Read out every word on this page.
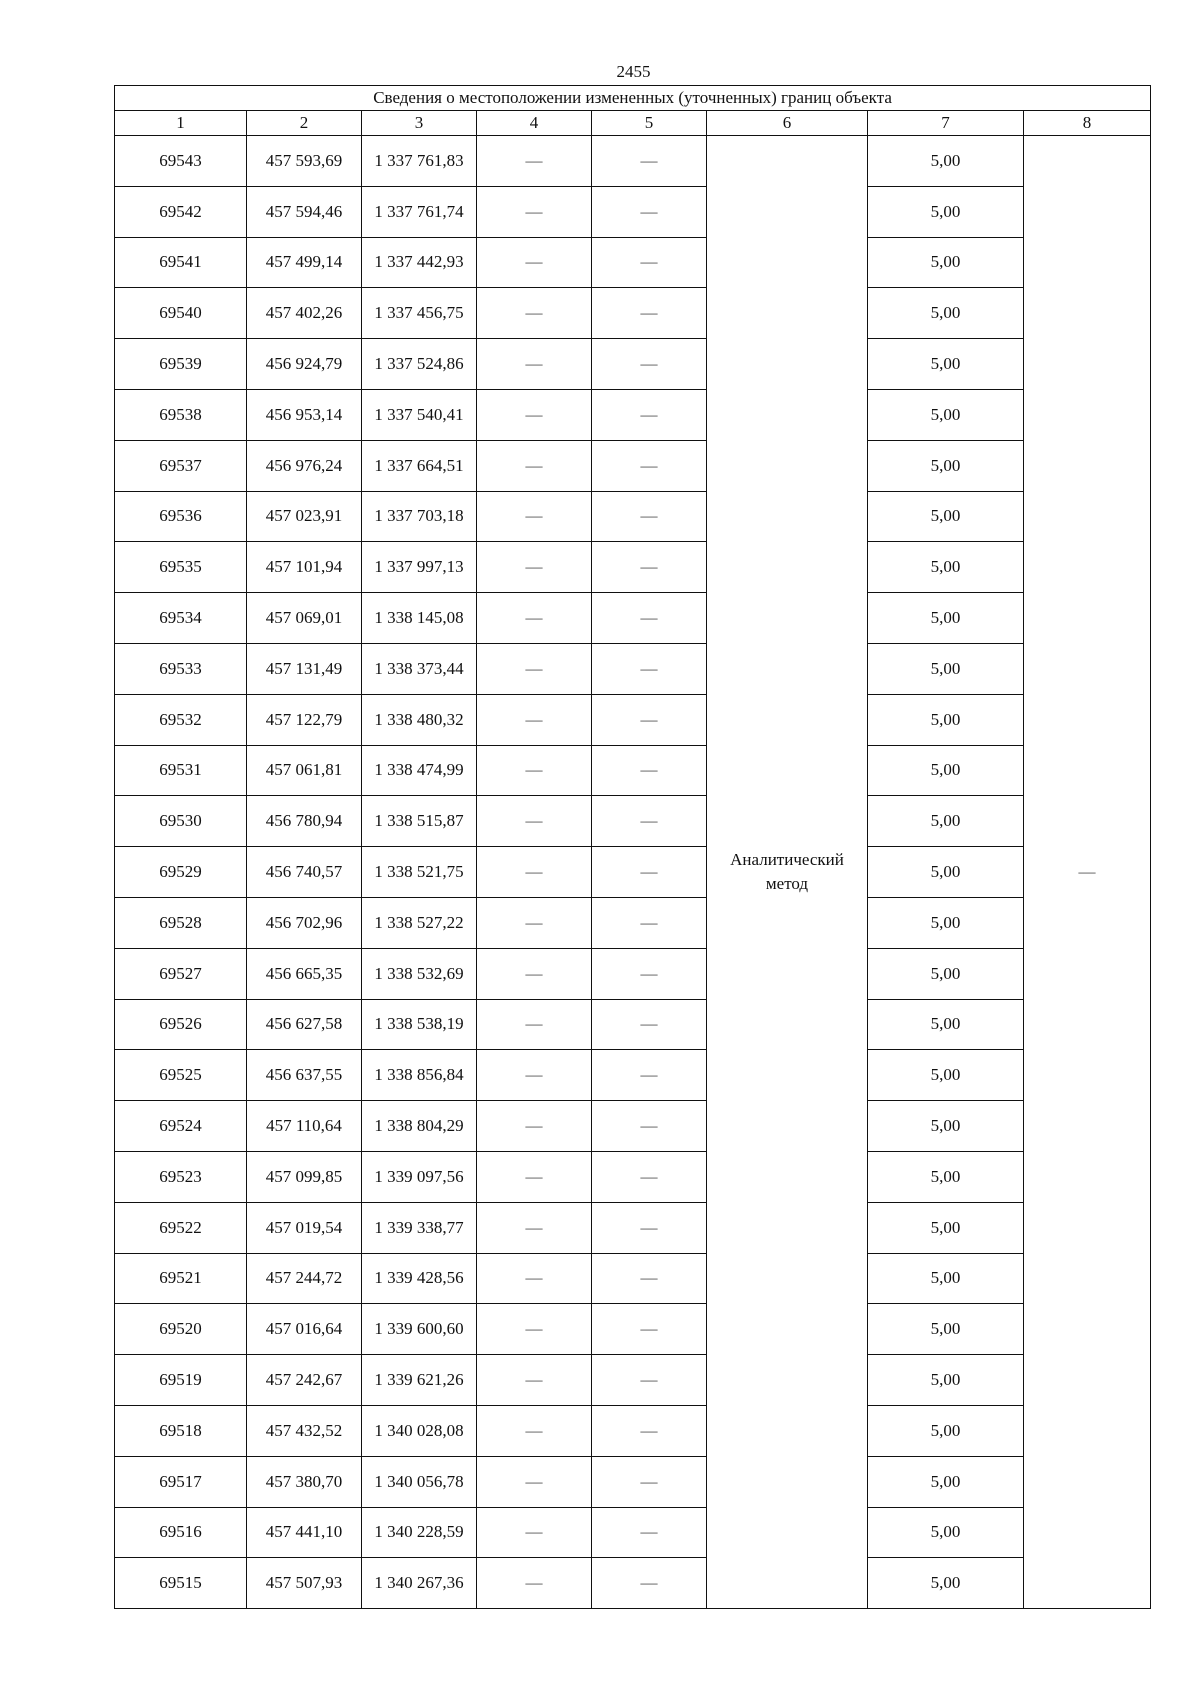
2455
Сведения о местоположении измененных (уточненных) границ объекта							
1	2	3	4	5	6	7	8
69543	457 593,69	1 337 761,83	—	—	Аналитический метод	5,00	—
69542	457 594,46	1 337 761,74	—	—		5,00	
69541	457 499,14	1 337 442,93	—	—		5,00	
69540	457 402,26	1 337 456,75	—	—		5,00	
69539	456 924,79	1 337 524,86	—	—		5,00	
69538	456 953,14	1 337 540,41	—	—		5,00	
69537	456 976,24	1 337 664,51	—	—		5,00	
69536	457 023,91	1 337 703,18	—	—		5,00	
69535	457 101,94	1 337 997,13	—	—		5,00	
69534	457 069,01	1 338 145,08	—	—		5,00	
69533	457 131,49	1 338 373,44	—	—		5,00	
69532	457 122,79	1 338 480,32	—	—		5,00	
69531	457 061,81	1 338 474,99	—	—		5,00	
69530	456 780,94	1 338 515,87	—	—		5,00	
69529	456 740,57	1 338 521,75	—	—		5,00	
69528	456 702,96	1 338 527,22	—	—		5,00	
69527	456 665,35	1 338 532,69	—	—		5,00	
69526	456 627,58	1 338 538,19	—	—		5,00	
69525	456 637,55	1 338 856,84	—	—		5,00	
69524	457 110,64	1 338 804,29	—	—		5,00	
69523	457 099,85	1 339 097,56	—	—		5,00	
69522	457 019,54	1 339 338,77	—	—		5,00	
69521	457 244,72	1 339 428,56	—	—		5,00	
69520	457 016,64	1 339 600,60	—	—		5,00	
69519	457 242,67	1 339 621,26	—	—		5,00	
69518	457 432,52	1 340 028,08	—	—		5,00	
69517	457 380,70	1 340 056,78	—	—		5,00	
69516	457 441,10	1 340 228,59	—	—		5,00	
69515	457 507,93	1 340 267,36	—	—		5,00	
